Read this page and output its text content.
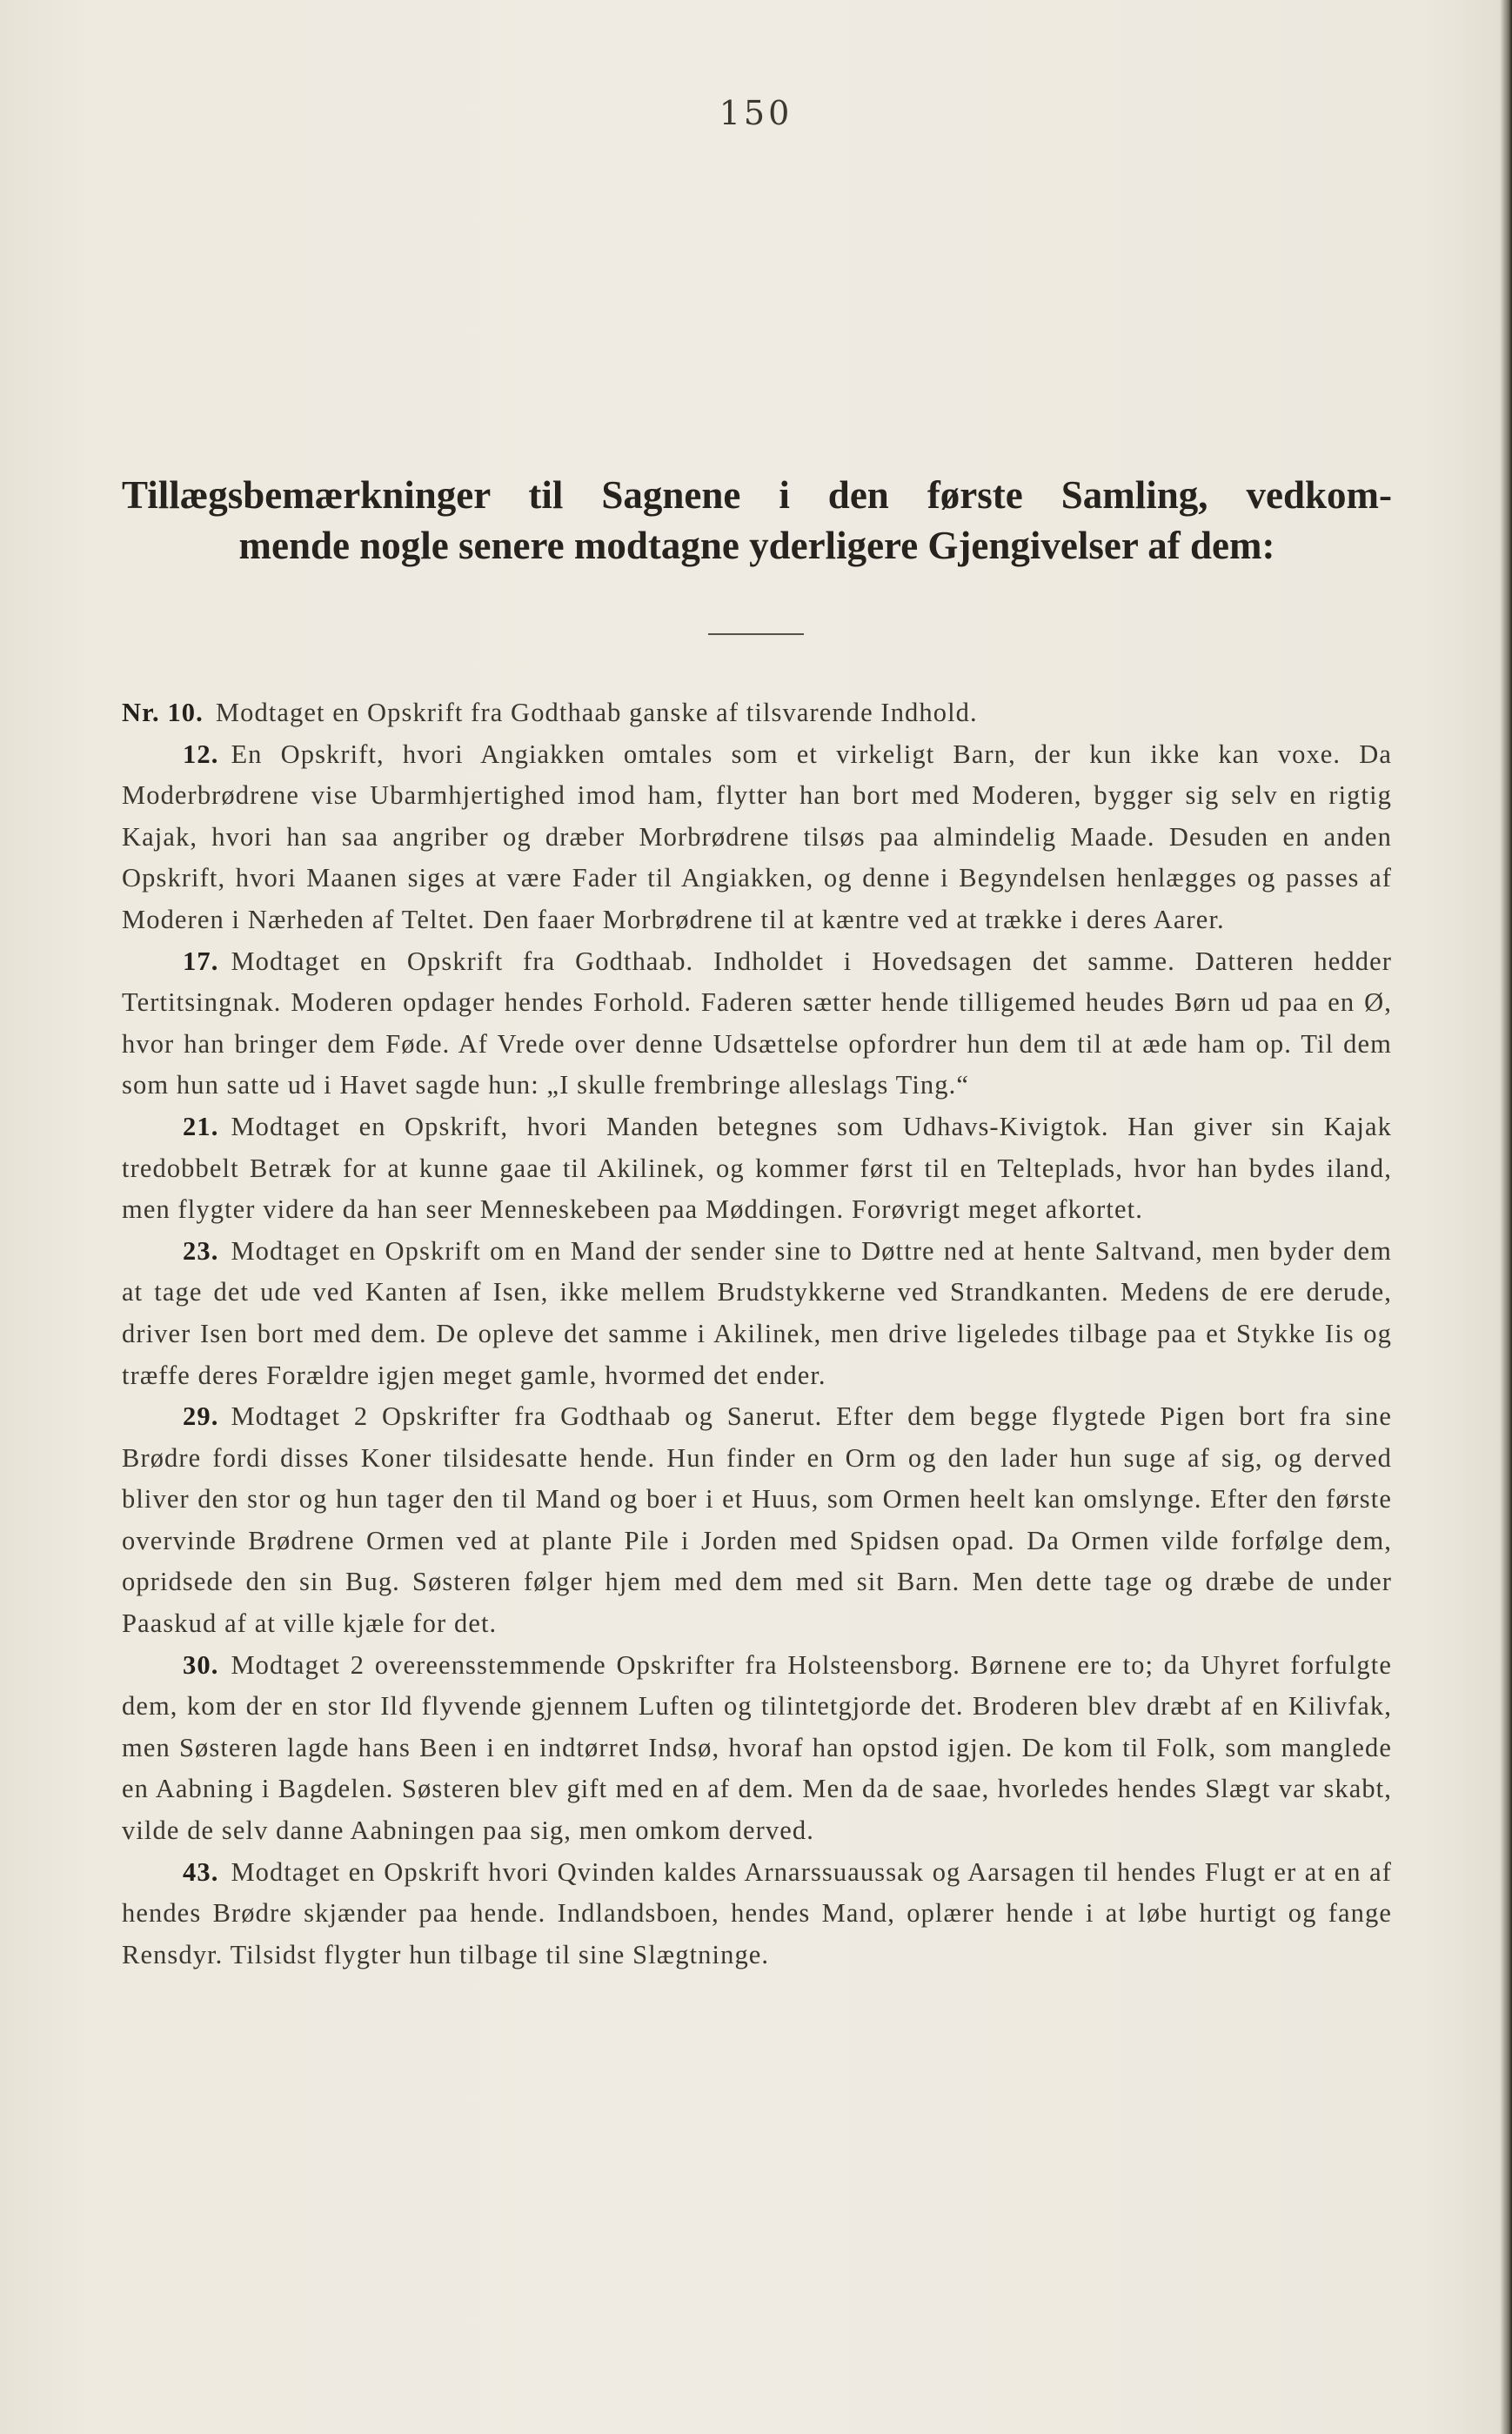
150
Tillægsbemærkninger til Sagnene i den første Samling, vedkom-
mende nogle senere modtagne yderligere Gjengivelser af dem:

Nr. 10. Modtaget en Opskrift fra Godthaab ganske af tilsvarende Indhold.

12. En Opskrift, hvori Angiakken omtales som et virkeligt Barn, der kun ikke kan voxe. Da Moderbrødrene vise Ubarmhjertighed imod ham, flytter han bort med Moderen, bygger sig selv en rigtig Kajak, hvori han saa angriber og dræber Morbrødrene tilsøs paa almindelig Maade. Desuden en anden Opskrift, hvori Maanen siges at være Fader til Angiakken, og denne i Begyndelsen henlægges og passes af Moderen i Nærheden af Teltet. Den faaer Morbrødrene til at kæntre ved at trække i deres Aarer.

17. Modtaget en Opskrift fra Godthaab. Indholdet i Hovedsagen det samme. Datteren hedder Tertitsingnak. Moderen opdager hendes Forhold. Faderen sætter hende tilligemed heudes Børn ud paa en Ø, hvor han bringer dem Føde. Af Vrede over denne Udsættelse opfordrer hun dem til at æde ham op. Til dem som hun satte ud i Havet sagde hun: „I skulle frembringe alleslags Ting.“

21. Modtaget en Opskrift, hvori Manden betegnes som Udhavs-Kivigtok. Han giver sin Kajak tredobbelt Betræk for at kunne gaae til Akilinek, og kommer først til en Telteplads, hvor han bydes iland, men flygter videre da han seer Menneskebeen paa Møddingen. Forøvrigt meget afkortet.

23. Modtaget en Opskrift om en Mand der sender sine to Døttre ned at hente Saltvand, men byder dem at tage det ude ved Kanten af Isen, ikke mellem Brudstykkerne ved Strandkanten. Medens de ere derude, driver Isen bort med dem. De opleve det samme i Akilinek, men drive ligeledes tilbage paa et Stykke Iis og træffe deres Forældre igjen meget gamle, hvormed det ender.

29. Modtaget 2 Opskrifter fra Godthaab og Sanerut. Efter dem begge flygtede Pigen bort fra sine Brødre fordi disses Koner tilsidesatte hende. Hun finder en Orm og den lader hun suge af sig, og derved bliver den stor og hun tager den til Mand og boer i et Huus, som Ormen heelt kan omslynge. Efter den første overvinde Brødrene Ormen ved at plante Pile i Jorden med Spidsen opad. Da Ormen vilde forfølge dem, opridsede den sin Bug. Søsteren følger hjem med dem med sit Barn. Men dette tage og dræbe de under Paaskud af at ville kjæle for det.

30. Modtaget 2 overeensstemmende Opskrifter fra Holsteensborg. Børnene ere to; da Uhyret forfulgte dem, kom der en stor Ild flyvende gjennem Luften og tilintetgjorde det. Broderen blev dræbt af en Kilivfak, men Søsteren lagde hans Been i en indtørret Indsø, hvoraf han opstod igjen. De kom til Folk, som manglede en Aabning i Bagdelen. Søsteren blev gift med en af dem. Men da de saae, hvorledes hendes Slægt var skabt, vilde de selv danne Aabningen paa sig, men omkom derved.

43. Modtaget en Opskrift hvori Qvinden kaldes Arnarssuaussak og Aarsagen til hendes Flugt er at en af hendes Brødre skjænder paa hende. Indlandsboen, hendes Mand, oplærer hende i at løbe hurtigt og fange Rensdyr. Tilsidst flygter hun tilbage til sine Slægtninge.
